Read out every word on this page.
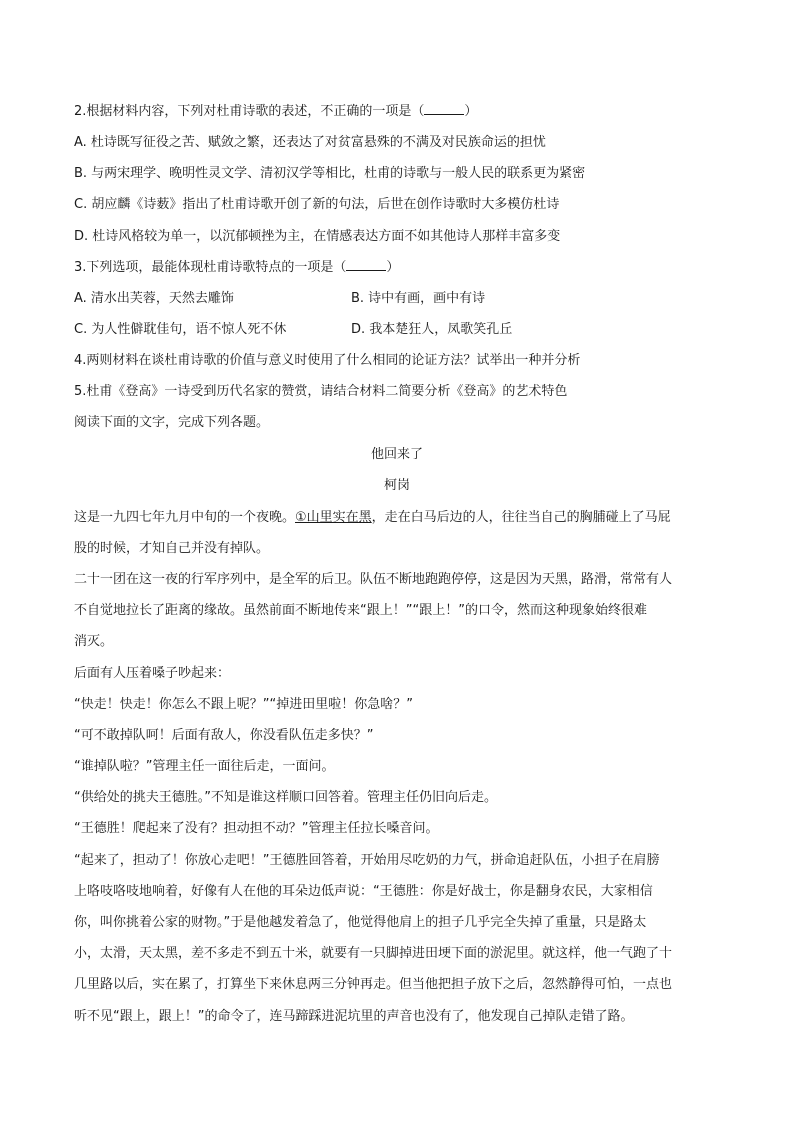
2.根据材料内容，下列对杜甫诗歌的表述，不正确的一项是（	）
A. 杜诗既写征役之苦、赋敛之繁，还表达了对贫富悬殊的不满及对民族命运的担忧
B. 与两宋理学、晚明性灵文学、清初汉学等相比，杜甫的诗歌与一般人民的联系更为紧密
C. 胡应麟《诗薮》指出了杜甫诗歌开创了新的句法，后世在创作诗歌时大多模仿杜诗
D. 杜诗风格较为单一，以沉郁顿挫为主，在情感表达方面不如其他诗人那样丰富多变
3.下列选项，最能体现杜甫诗歌特点的一项是（	）
A. 清水出芙蓉，天然去雕饰	B. 诗中有画，画中有诗
C. 为人性僻耽佳句，语不惊人死不休	D. 我本楚狂人，凤歌笑孔丘
4.两则材料在谈杜甫诗歌的价值与意义时使用了什么相同的论证方法？试举出一种并分析
5.杜甫《登高》一诗受到历代名家的赞赏，请结合材料二简要分析《登高》的艺术特色
阅读下面的文字，完成下列各题。
他回来了
柯岗
这是一九四七年九月中旬的一个夜晚。①山里实在黑，走在白马后边的人，往往当自己的胸脯碰上了马屁
股的时候，才知自己并没有掉队。
二十一团在这一夜的行军序列中，是全军的后卫。队伍不断地跑跑停停，这是因为天黑，路滑，常常有人
不自觉地拉长了距离的缘故。虽然前面不断地传来“跟上！”“跟上！”的口令，然而这种现象始终很难
消灭。
后面有人压着嗓子吵起来：
“快走！快走！你怎么不跟上呢？”“掉进田里啦！你急啥？”
“可不敢掉队呵！后面有敌人，你没看队伍走多快？”
“谁掉队啦？”管理主任一面往后走，一面问。
“供给处的挑夫王德胜。”不知是谁这样顺口回答着。管理主任仍旧向后走。
“王德胜！爬起来了没有？担动担不动？”管理主任拉长嗓音问。
“起来了，担动了！你放心走吧！”王德胜回答着，开始用尽吃奶的力气，拼命追赶队伍，小担子在肩膀
上咯吱咯吱地响着，好像有人在他的耳朵边低声说：“王德胜：你是好战士，你是翻身农民，大家相信
你，叫你挑着公家的财物。”于是他越发着急了，他觉得他肩上的担子几乎完全失掉了重量，只是路太
小，太滑，天太黑，差不多走不到五十米，就要有一只脚掉进田埂下面的淤泥里。就这样，他一气跑了十
几里路以后，实在累了，打算坐下来休息两三分钟再走。但当他把担子放下之后，忽然静得可怕，一点也
听不见“跟上，跟上！”的命令了，连马蹄踩进泥坑里的声音也没有了，他发现自己掉队走错了路。
